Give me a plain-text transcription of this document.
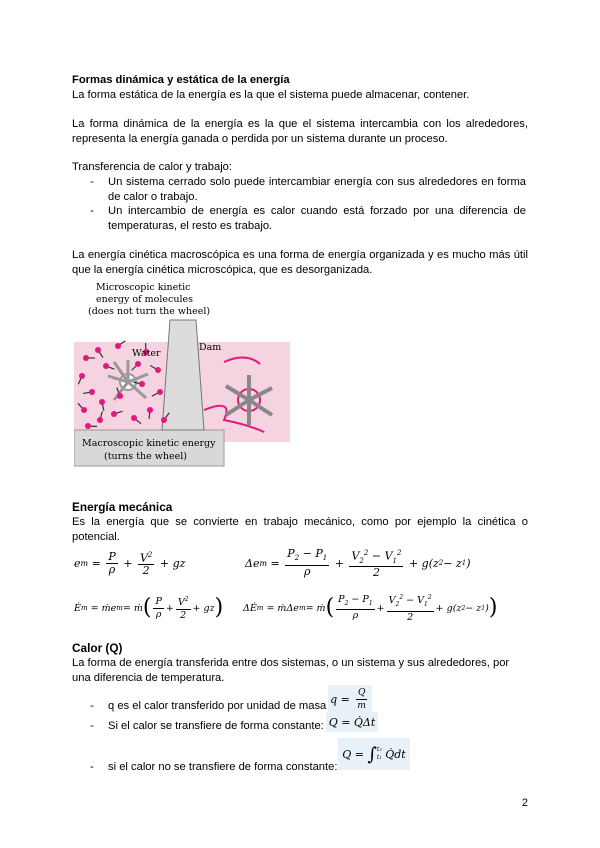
Formas dinámica y estática de la energía
La forma estática de la energía es la que el sistema puede almacenar, contener.
La forma dinámica de la energía es la que el sistema intercambia con los alrededores, representa la energía ganada o perdida por un sistema durante un proceso.
Transferencia de calor y trabajo:
- Un sistema cerrado solo puede intercambiar energía con sus alrededores en forma de calor o trabajo.
- Un intercambio de energía es calor cuando está forzado por una diferencia de temperaturas, el resto es trabajo.
La energía cinética macroscópica es una forma de energía organizada y es mucho más útil que la energía cinética microscópica, que es desorganizada.
Microscopic kinetic
energy of molecules
(does not turn the wheel)
Dam
Water
Macroscopic kinetic energy
(turns the wheel)
Energía mecánica
Es la energía que se convierte en trabajo mecánico, como por ejemplo la cinética o potencial.
e $m = \frac{P}{\rho} + \frac{V^2}{2}$ + gz	Δe $m = \frac{P_2 - P_1}{\rho} + \frac{V_2^2 - V_1^2}{2} + g(z$ 2 − z 1 )
Ė m = ṁe m = ṁ ( $\frac{P}{\rho} + \frac{V^2}{2}$ + gz ) ΔĖ m = ṁΔe m = ṁ ( $\frac{P_2 - P_1}{\rho} + \frac{V_2^2 - V_1^2}{2} + g(z$ 2 − z 1 ) )
Calor (Q)
La forma de energía transferida entre dos sistemas, o un sistema y sus alrededores, por una diferencia de temperatura.
- q es el calor transferido por unidad de masa
$q = \frac{Q}{m}$
- Si el calor se transfiere de forma constante: Q = Q̇Δt
- si el calor no se transfiere de forma constante:
Q = ∫ t₂
t₁ Q̇dt
2
